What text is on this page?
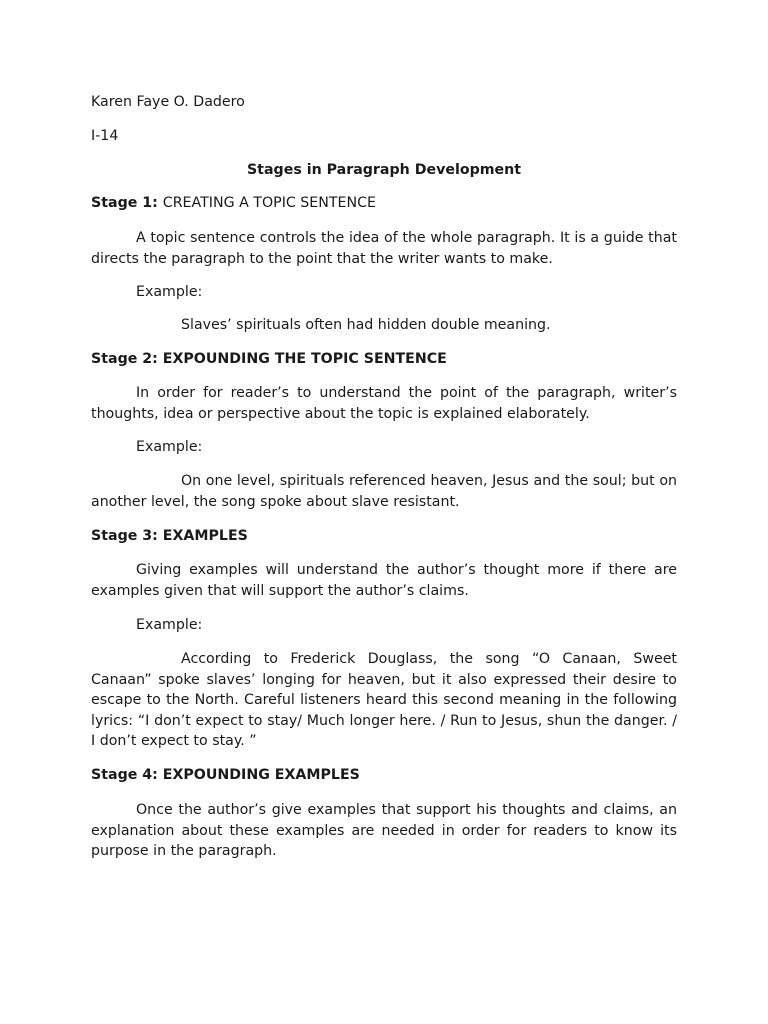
Karen Faye O. Dadero
I-14
Stages in Paragraph Development
Stage 1: CREATING A TOPIC SENTENCE

A topic sentence controls the idea of the whole paragraph. It is a guide that directs the paragraph to the point that the writer wants to make.

Example:
Slaves’ spirituals often had hidden double meaning.
Stage 2: EXPOUNDING THE TOPIC SENTENCE

In order for reader’s to understand the point of the paragraph, writer’s thoughts, idea or perspective about the topic is explained elaborately.

Example:

On one level, spirituals referenced heaven, Jesus and the soul; but on another level, the song spoke about slave resistant.

Stage 3: EXAMPLES

Giving examples will understand the author’s thought more if there are examples given that will support the author’s claims.

Example:

According to Frederick Douglass, the song “O Canaan, Sweet Canaan” spoke slaves’ longing for heaven, but it also expressed their desire to escape to the North. Careful listeners heard this second meaning in the following lyrics: “I don’t expect to stay/ Much longer here. / Run to Jesus, shun the danger. / I don’t expect to stay. ”

Stage 4: EXPOUNDING EXAMPLES

Once the author’s give examples that support his thoughts and claims, an explanation about these examples are needed in order for readers to know its purpose in the paragraph.
